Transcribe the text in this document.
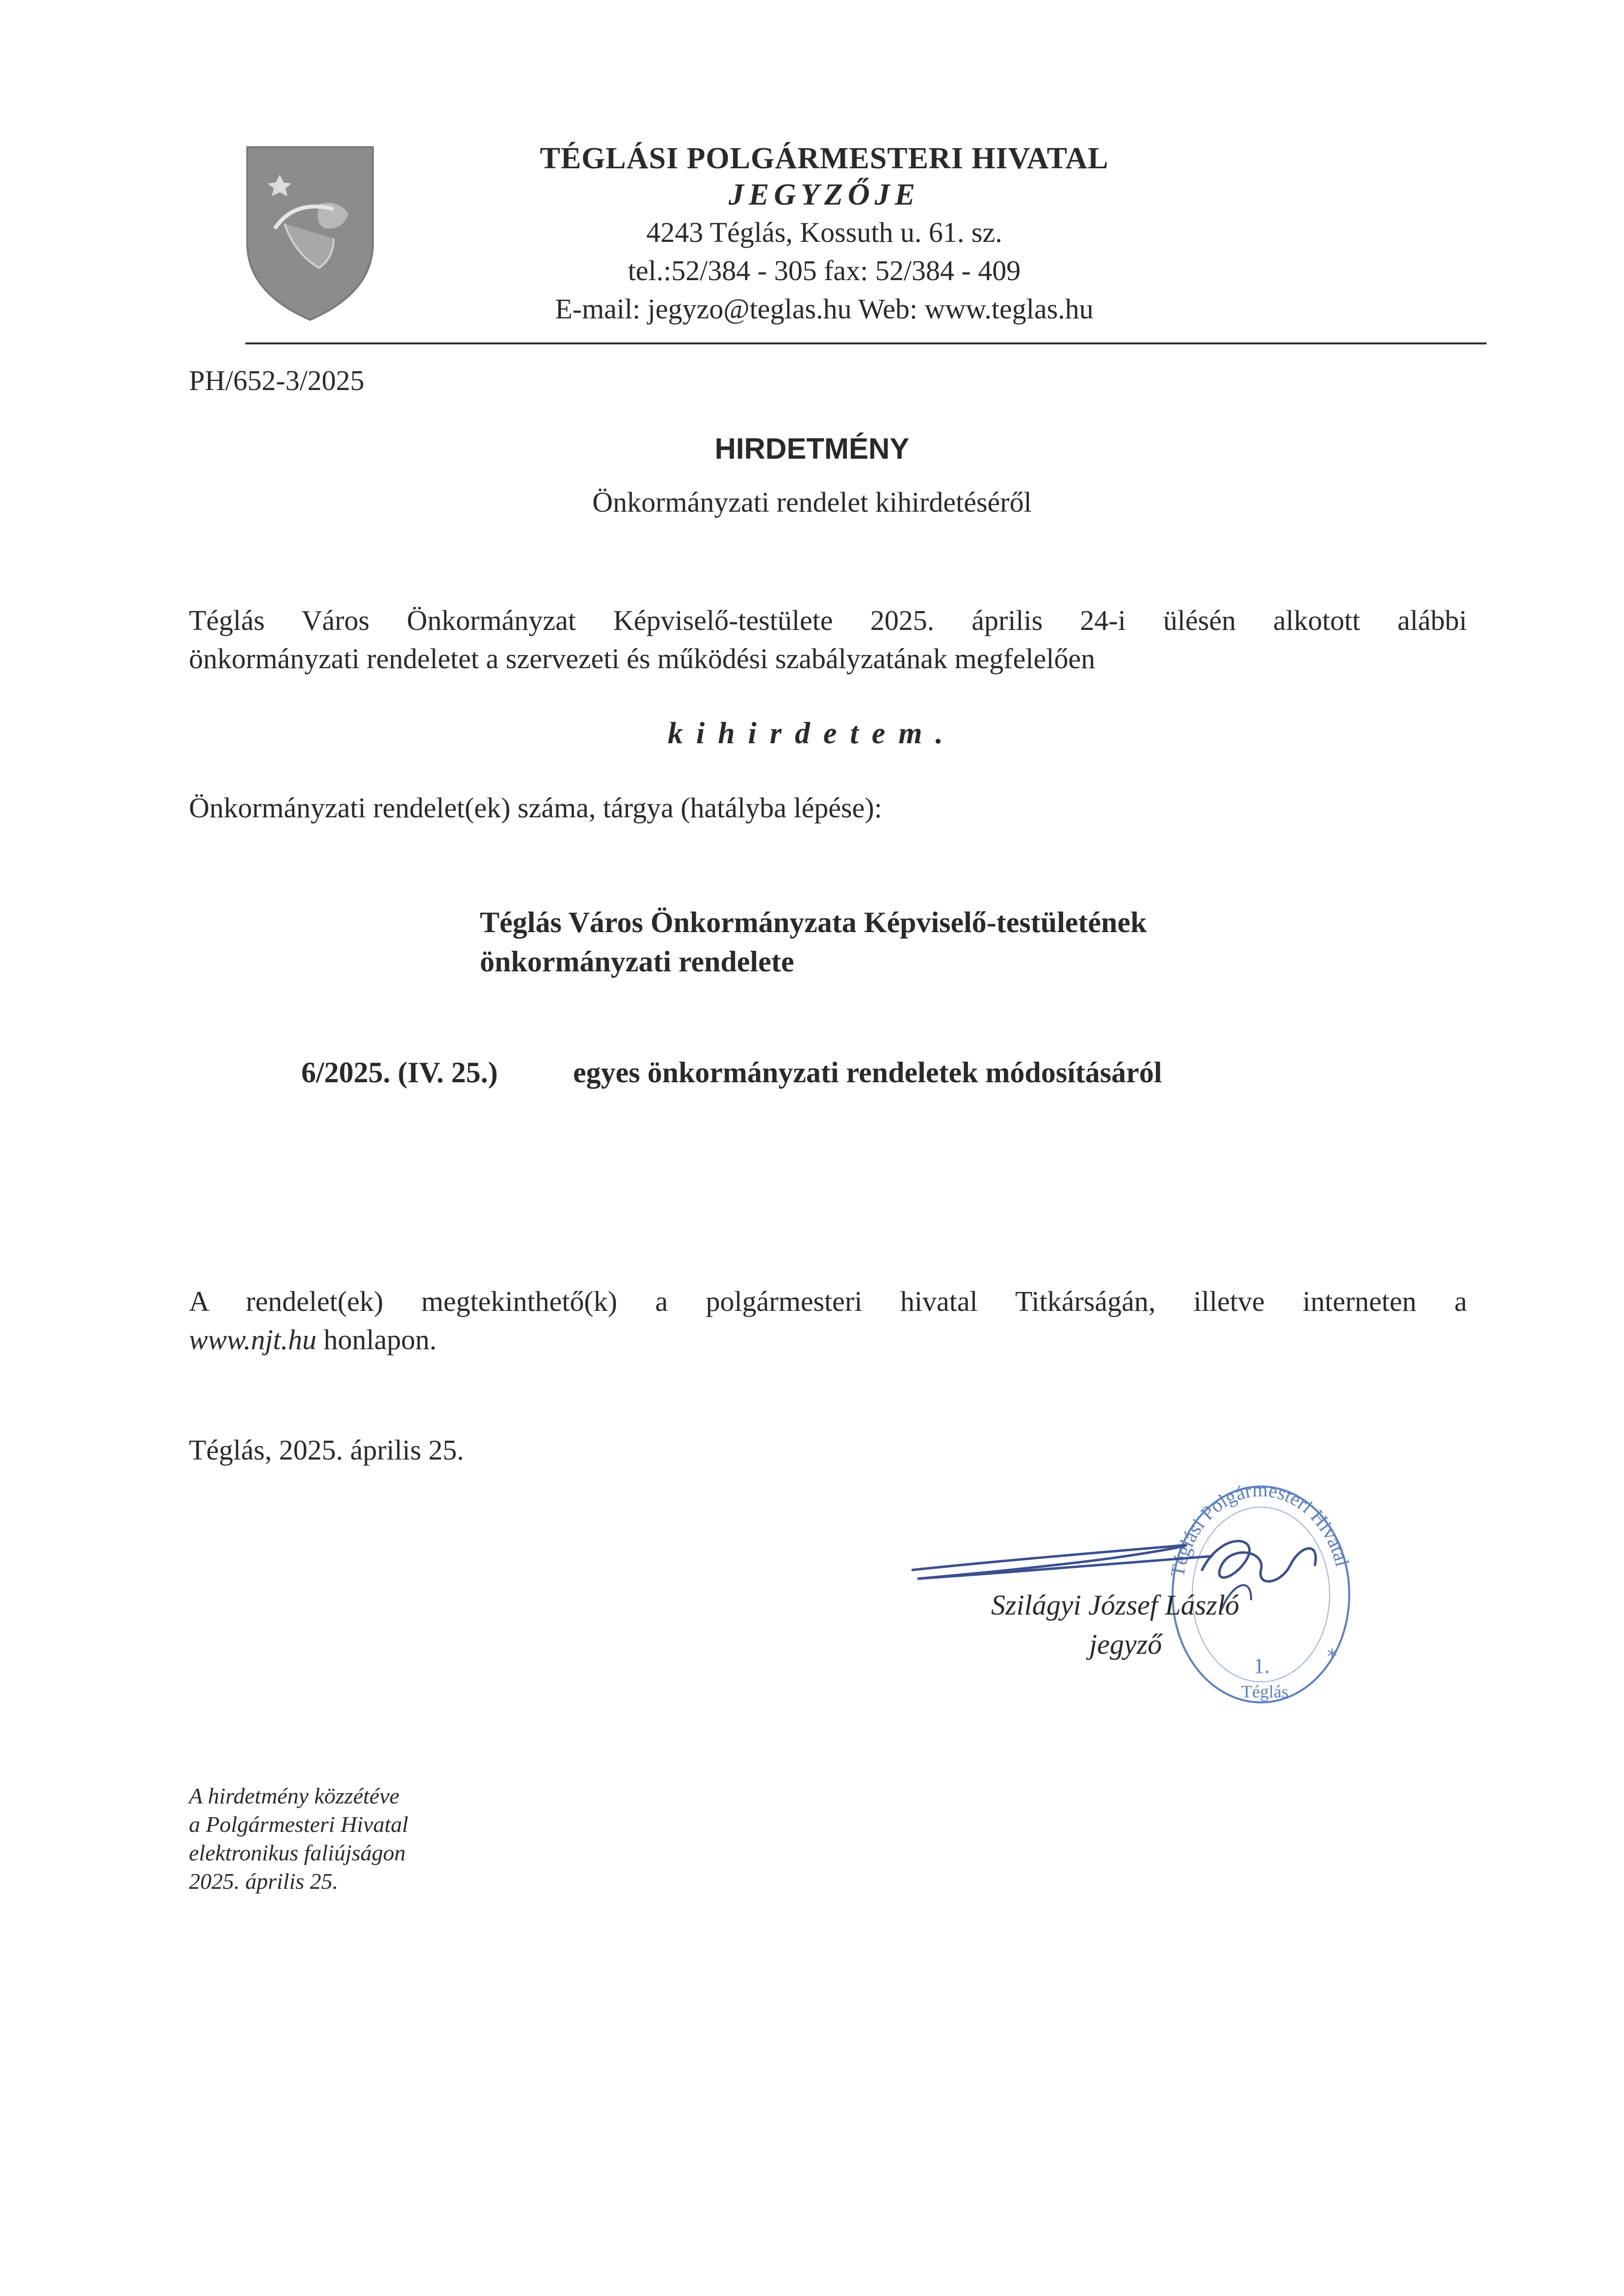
TÉGLÁSI POLGÁRMESTERI HIVATAL
JEGYZŐJE
4243 Téglás, Kossuth u. 61. sz.
tel.:52/384 - 305 fax: 52/384 - 409
E-mail: jegyzo@teglas.hu Web: www.teglas.hu
PH/652-3/2025
HIRDETMÉNY
Önkormányzati rendelet kihirdetéséről
Téglás Város Önkormányzat Képviselő-testülete 2025. április 24-i ülésén alkotott alábbi
önkormányzati rendeletet a szervezeti és működési szabályzatának megfelelően
kihirdetem.
Önkormányzati rendelet(ek) száma, tárgya (hatályba lépése):
Téglás Város Önkormányzata Képviselő-testületének
önkormányzati rendelete
6/2025. (IV. 25.)	egyes önkormányzati rendeletek módosításáról
A rendelet(ek) megtekinthető(k) a polgármesteri hivatal Titkárságán, illetve interneten a
www.njt.hu honlapon.
Téglás, 2025. április 25.
Téglási Polgármesteri Hivatal
1.
Téglás
*
Szilágyi József László
jegyző
A hirdetmény közzétéve
a Polgármesteri Hivatal
elektronikus faliújságon
2025. április 25.
